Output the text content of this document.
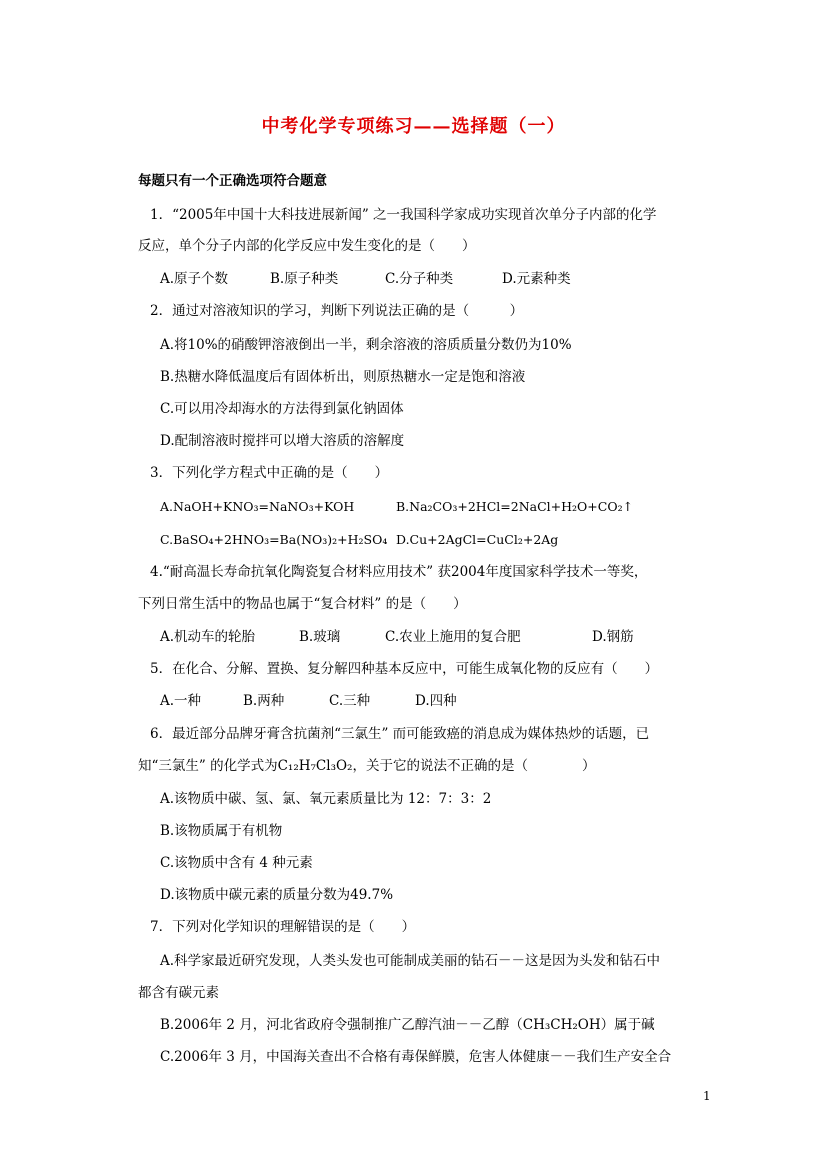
中考化学专项练习——选择题（一）
每题只有一个正确选项符合题意
1．“2005年中国十大科技进展新闻” 之一我国科学家成功实现首次单分子内部的化学
反应，单个分子内部的化学反应中发生变化的是（　　）
A.原子个数	B.原子种类	C.分子种类	D.元素种类
2．通过对溶液知识的学习，判断下列说法正确的是（　　　）
A.将10%的硝酸钾溶液倒出一半，剩余溶液的溶质质量分数仍为10%
B.热糖水降低温度后有固体析出，则原热糖水一定是饱和溶液
C.可以用冷却海水的方法得到氯化钠固体
D.配制溶液时搅拌可以增大溶质的溶解度
3．下列化学方程式中正确的是（　　）
A.NaOH+KNO₃=NaNO₃+KOH	B.Na₂CO₃+2HCl=2NaCl+H₂O+CO₂↑
C.BaSO₄+2HNO₃=Ba(NO₃)₂+H₂SO₄ D.Cu+2AgCl=CuCl₂+2Ag
4.“耐高温长寿命抗氧化陶瓷复合材料应用技术” 获2004年度国家科学技术一等奖，
下列日常生活中的物品也属于“复合材料” 的是（　　）
A.机动车的轮胎	B.玻璃	C.农业上施用的复合肥	D.钢筋
5．在化合、分解、置换、复分解四种基本反应中，可能生成氧化物的反应有（　　）
A.一种	B.两种	C.三种	D.四种
6．最近部分品牌牙膏含抗菌剂“三氯生” 而可能致癌的消息成为媒体热炒的话题，已
知“三氯生” 的化学式为C₁₂H₇Cl₃O₂，关于它的说法不正确的是（　　　　）
A.该物质中碳、氢、氯、氧元素质量比为 12：7：3：2
B.该物质属于有机物
C.该物质中含有 4 种元素
D.该物质中碳元素的质量分数为49.7%
7．下列对化学知识的理解错误的是（　　）
A.科学家最近研究发现，人类头发也可能制成美丽的钻石－－这是因为头发和钻石中
都含有碳元素
B.2006年 2 月，河北省政府令强制推广乙醇汽油－－乙醇（CH₃CH₂OH）属于碱
C.2006年 3 月，中国海关查出不合格有毒保鲜膜，危害人体健康－－我们生产安全合
1
